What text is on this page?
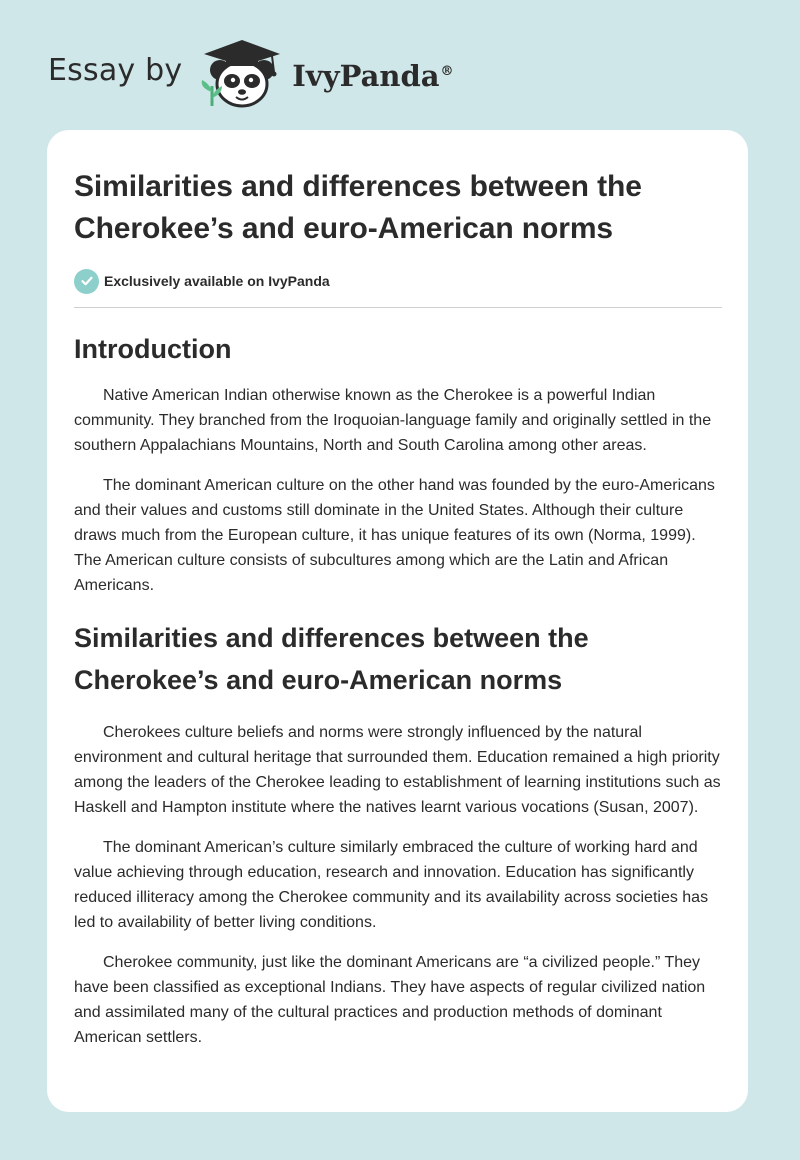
Essay by	IvyPanda®
Similarities and differences between the Cherokee’s and euro-American norms
Exclusively available on IvyPanda
Introduction

Native American Indian otherwise known as the Cherokee is a powerful Indian community. They branched from the Iroquoian-language family and originally settled in the southern Appalachians Mountains, North and South Carolina among other areas.

The dominant American culture on the other hand was founded by the euro-Americans and their values and customs still dominate in the United States. Although their culture draws much from the European culture, it has unique features of its own (Norma, 1999). The American culture consists of subcultures among which are the Latin and African Americans.

Similarities and differences between the Cherokee’s and euro-American norms

Cherokees culture beliefs and norms were strongly influenced by the natural environment and cultural heritage that surrounded them. Education remained a high priority among the leaders of the Cherokee leading to establishment of learning institutions such as Haskell and Hampton institute where the natives learnt various vocations (Susan, 2007).

The dominant American’s culture similarly embraced the culture of working hard and value achieving through education, research and innovation. Education has significantly reduced illiteracy among the Cherokee community and its availability across societies has led to availability of better living conditions.

Cherokee community, just like the dominant Americans are “a civilized people.” They have been classified as exceptional Indians. They have aspects of regular civilized nation and assimilated many of the cultural practices and production methods of dominant American settlers.
